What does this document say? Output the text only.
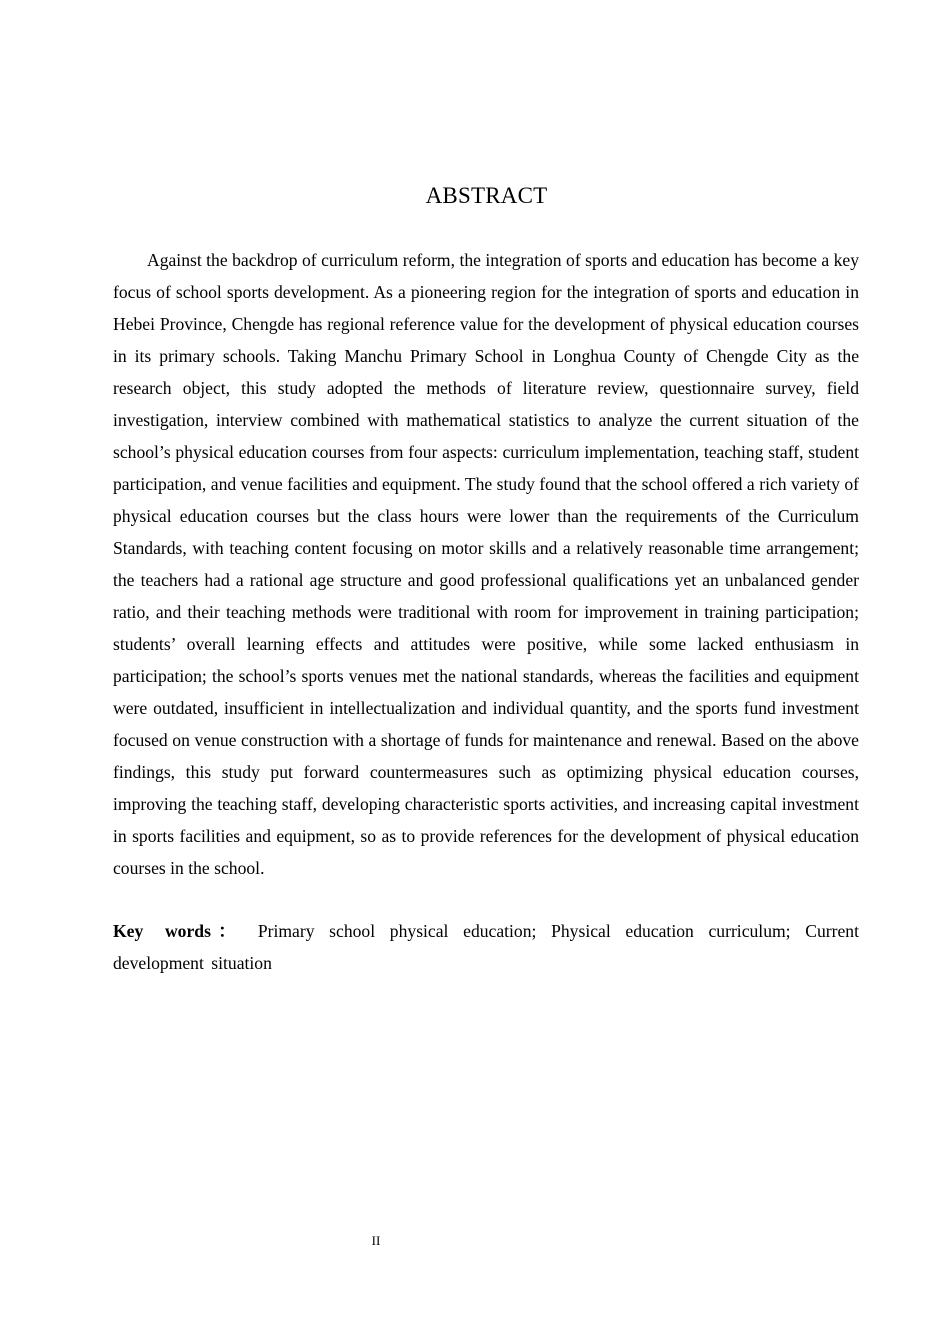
ABSTRACT

Against the backdrop of curriculum reform, the integration of sports and education has become a key focus of school sports development. As a pioneering region for the integration of sports and education in Hebei Province, Chengde has regional reference value for the development of physical education courses in its primary schools. Taking Manchu Primary School in Longhua County of Chengde City as the research object, this study adopted the methods of literature review, questionnaire survey, field investigation, interview combined with mathematical statistics to analyze the current situation of the school’s physical education courses from four aspects: curriculum implementation, teaching staff, student participation, and venue facilities and equipment. The study found that the school offered a rich variety of physical education courses but the class hours were lower than the requirements of the Curriculum Standards, with teaching content focusing on motor skills and a relatively reasonable time arrangement; the teachers had a rational age structure and good professional qualifications yet an unbalanced gender ratio, and their teaching methods were traditional with room for improvement in training participation; students’ overall learning effects and attitudes were positive, while some lacked enthusiasm in participation; the school’s sports venues met the national standards, whereas the facilities and equipment were outdated, insufficient in intellectualization and individual quantity, and the sports fund investment focused on venue construction with a shortage of funds for maintenance and renewal. Based on the above findings, this study put forward countermeasures such as optimizing physical education courses, improving the teaching staff, developing characteristic sports activities, and increasing capital investment in sports facilities and equipment, so as to provide references for the development of physical education courses in the school.

Key words： Primary school physical education; Physical education curriculum; Current development situation

II
